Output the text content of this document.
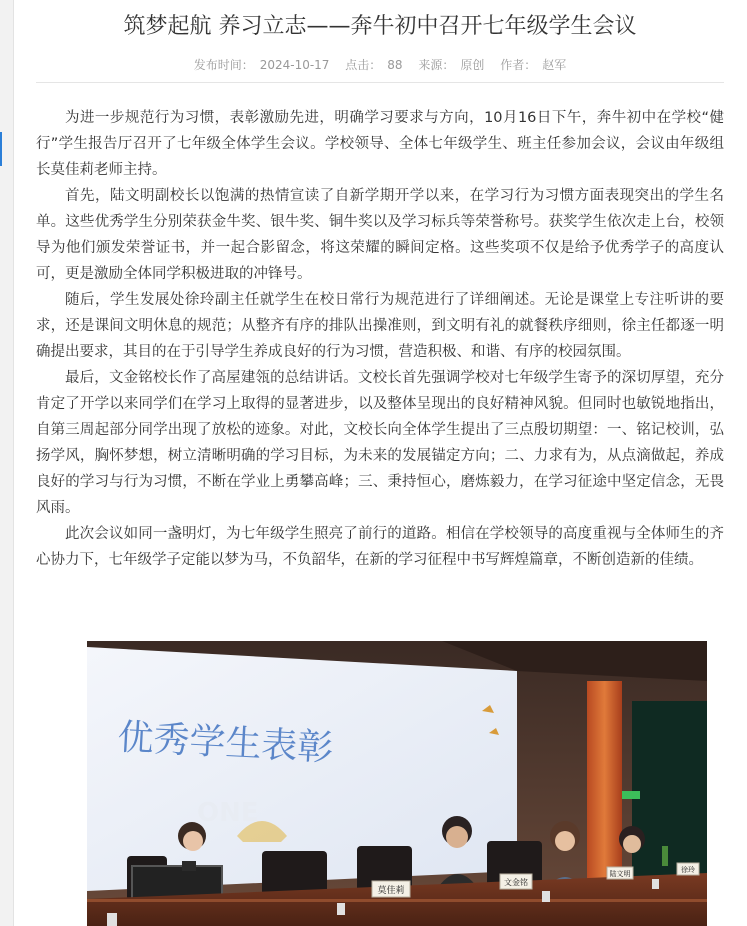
筑梦起航 养习立志——奔牛初中召开七年级学生会议
发布时间： 2024-10-17 点击： 88 来源： 原创 作者： 赵军

为进一步规范行为习惯，表彰激励先进，明确学习要求与方向，10月16日下午，奔牛初中在学校“健行”学生报告厅召开了七年级全体学生会议。学校领导、全体七年级学生、班主任参加会议，会议由年级组长莫佳莉老师主持。

首先，陆文明副校长以饱满的热情宣读了自新学期开学以来，在学习行为习惯方面表现突出的学生名单。这些优秀学生分别荣获金牛奖、银牛奖、铜牛奖以及学习标兵等荣誉称号。获奖学生依次走上台，校领导为他们颁发荣誉证书，并一起合影留念，将这荣耀的瞬间定格。这些奖项不仅是给予优秀学子的高度认可，更是激励全体同学积极进取的冲锋号。

随后，学生发展处徐玲副主任就学生在校日常行为规范进行了详细阐述。无论是课堂上专注听讲的要求，还是课间文明休息的规范；从整齐有序的排队出操准则，到文明有礼的就餐秩序细则，徐主任都逐一明确提出要求，其目的在于引导学生养成良好的行为习惯，营造积极、和谐、有序的校园氛围。

最后，文金铭校长作了高屋建瓴的总结讲话。文校长首先强调学校对七年级学生寄予的深切厚望，充分肯定了开学以来同学们在学习上取得的显著进步，以及整体呈现出的良好精神风貌。但同时也敏锐地指出，自第三周起部分同学出现了放松的迹象。对此，文校长向全体学生提出了三点殷切期望：一、铭记校训，弘扬学风，胸怀梦想，树立清晰明确的学习目标，为未来的发展锚定方向；二、力求有为，从点滴做起，养成良好的学习与行为习惯，不断在学业上勇攀高峰；三、秉持恒心，磨炼毅力，在学习征途中坚定信念，无畏风雨。

此次会议如同一盏明灯，为七年级学生照亮了前行的道路。相信在学校领导的高度重视与全体师生的齐心协力下，七年级学子定能以梦为马，不负韶华，在新的学习征程中书写辉煌篇章，不断创造新的佳绩。

优秀学生表彰
ONE
莫佳莉
文金铭
陆文明	徐玲
